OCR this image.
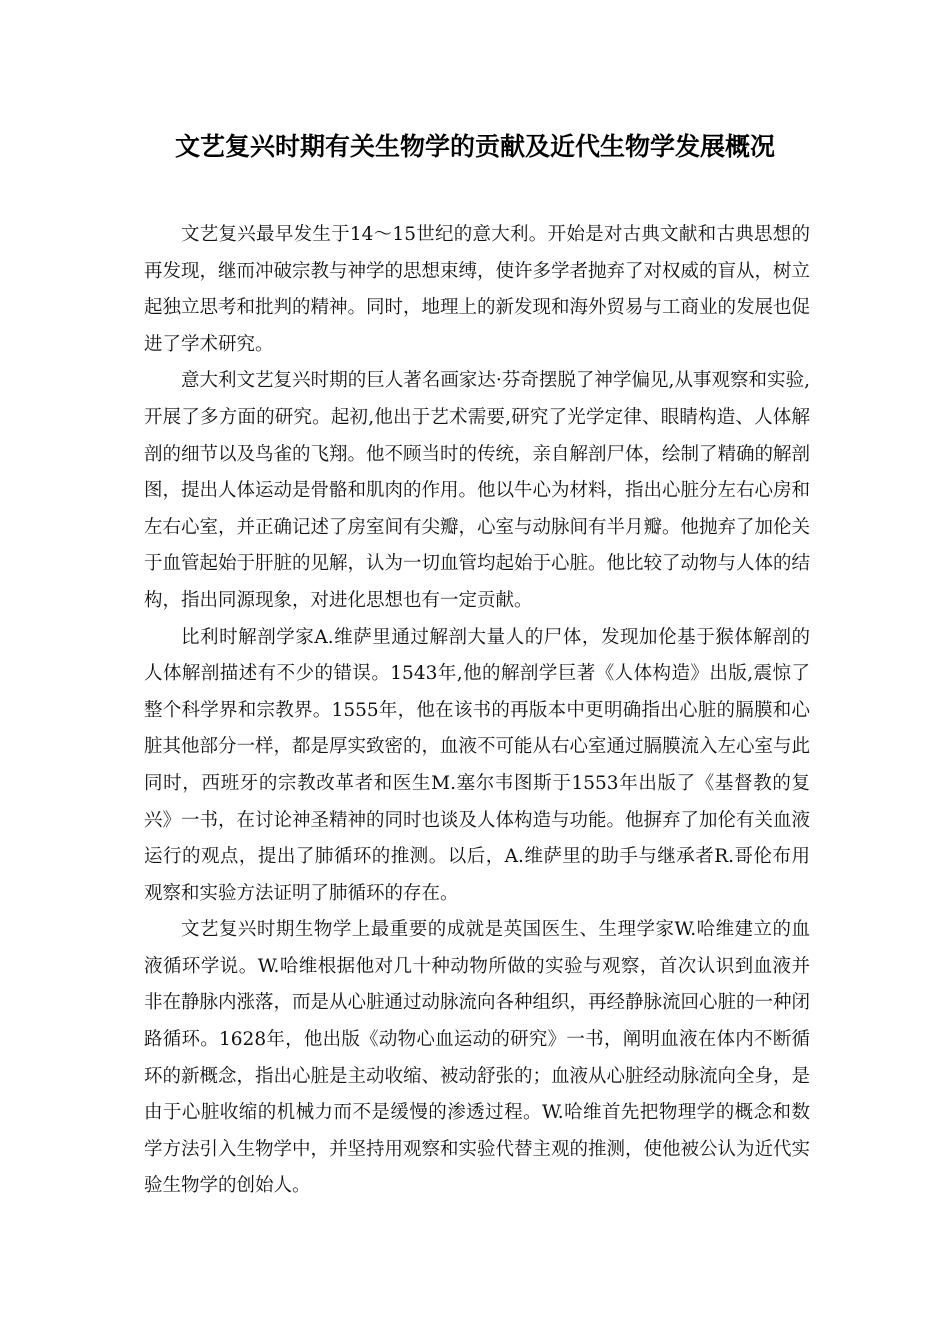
文艺复兴时期有关生物学的贡献及近代生物学发展概况

文艺复兴最早发生于14～15世纪的意大利。开始是对古典文献和古典思想的再发现，继而冲破宗教与神学的思想束缚，使许多学者抛弃了对权威的盲从，树立起独立思考和批判的精神。同时，地理上的新发现和海外贸易与工商业的发展也促进了学术研究。

意大利文艺复兴时期的巨人著名画家达·芬奇摆脱了神学偏见,从事观察和实验,开展了多方面的研究。起初,他出于艺术需要,研究了光学定律、眼睛构造、人体解剖的细节以及鸟雀的飞翔。他不顾当时的传统，亲自解剖尸体，绘制了精确的解剖图，提出人体运动是骨骼和肌肉的作用。他以牛心为材料，指出心脏分左右心房和左右心室，并正确记述了房室间有尖瓣，心室与动脉间有半月瓣。他抛弃了加伦关于血管起始于肝脏的见解，认为一切血管均起始于心脏。他比较了动物与人体的结构，指出同源现象，对进化思想也有一定贡献。

比利时解剖学家A.维萨里通过解剖大量人的尸体，发现加伦基于猴体解剖的人体解剖描述有不少的错误。1543年,他的解剖学巨著《人体构造》出版,震惊了整个科学界和宗教界。1555年，他在该书的再版本中更明确指出心脏的膈膜和心脏其他部分一样，都是厚实致密的，血液不可能从右心室通过膈膜流入左心室与此同时，西班牙的宗教改革者和医生M.塞尔韦图斯于1553年出版了《基督教的复兴》一书，在讨论神圣精神的同时也谈及人体构造与功能。他摒弃了加伦有关血液运行的观点，提出了肺循环的推测。以后，A.维萨里的助手与继承者R.哥伦布用观察和实验方法证明了肺循环的存在。

文艺复兴时期生物学上最重要的成就是英国医生、生理学家W.哈维建立的血液循环学说。W.哈维根据他对几十种动物所做的实验与观察，首次认识到血液并非在静脉内涨落，而是从心脏通过动脉流向各种组织，再经静脉流回心脏的一种闭路循环。1628年，他出版《动物心血运动的研究》一书，阐明血液在体内不断循环的新概念，指出心脏是主动收缩、被动舒张的；血液从心脏经动脉流向全身，是由于心脏收缩的机械力而不是缓慢的渗透过程。W.哈维首先把物理学的概念和数学方法引入生物学中，并坚持用观察和实验代替主观的推测，使他被公认为近代实验生物学的创始人。
